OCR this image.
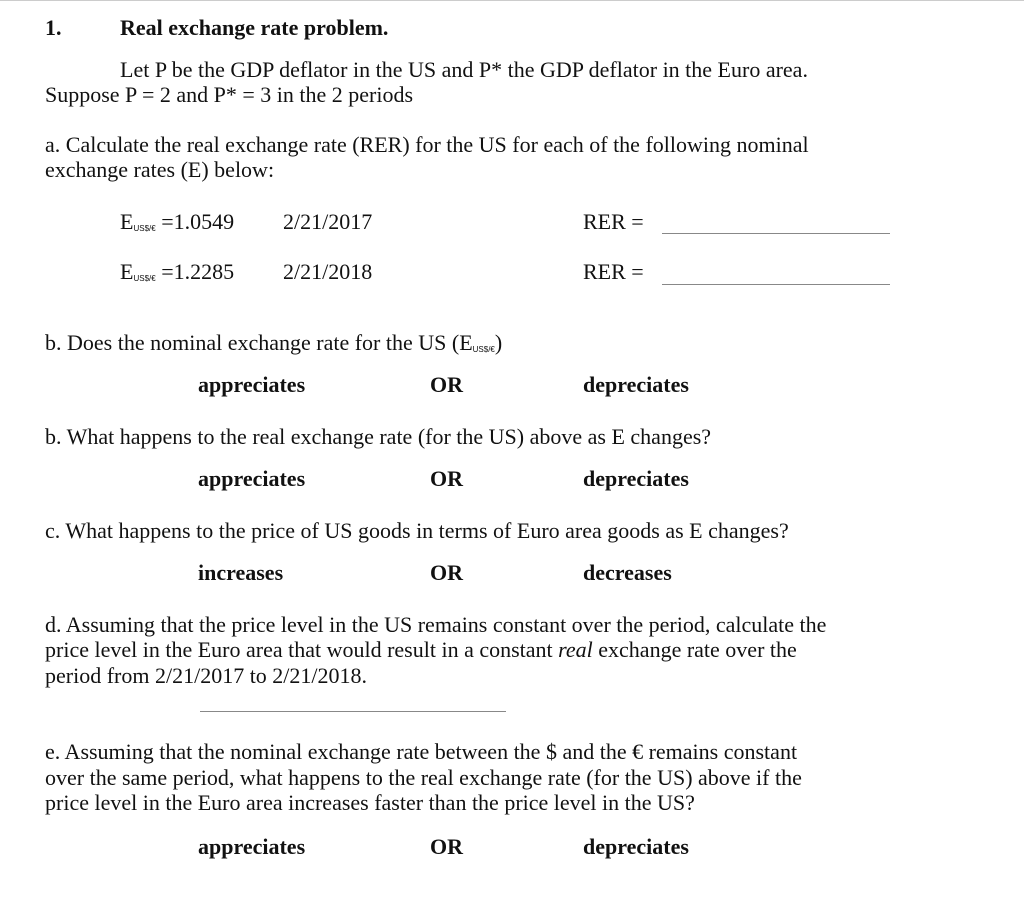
1.	Real exchange rate problem.
Let P be the GDP deflator in the US and P* the GDP deflator in the Euro area.
Suppose P = 2 and P* = 3 in the 2 periods
a. Calculate the real exchange rate (RER) for the US for each of the following nominal
exchange rates (E) below:
$E_{US\$/€} =1.0549$ 2/21/2017	RER =
$E_{US\$/€} =1.2285$ 2/21/2018	RER =
b. Does the nominal exchange rate for the US $(E_{US\$/€})$
appreciates	OR	depreciates
b. What happens to the real exchange rate (for the US) above as E changes?
appreciates	OR	depreciates
c. What happens to the price of US goods in terms of Euro area goods as E changes?
increases	OR	decreases
d. Assuming that the price level in the US remains constant over the period, calculate the
price level in the Euro area that would result in a constant real exchange rate over the
period from 2/21/2017 to 2/21/2018.
e. Assuming that the nominal exchange rate between the $ and the € remains constant
over the same period, what happens to the real exchange rate (for the US) above if the
price level in the Euro area increases faster than the price level in the US?
appreciates	OR	depreciates
